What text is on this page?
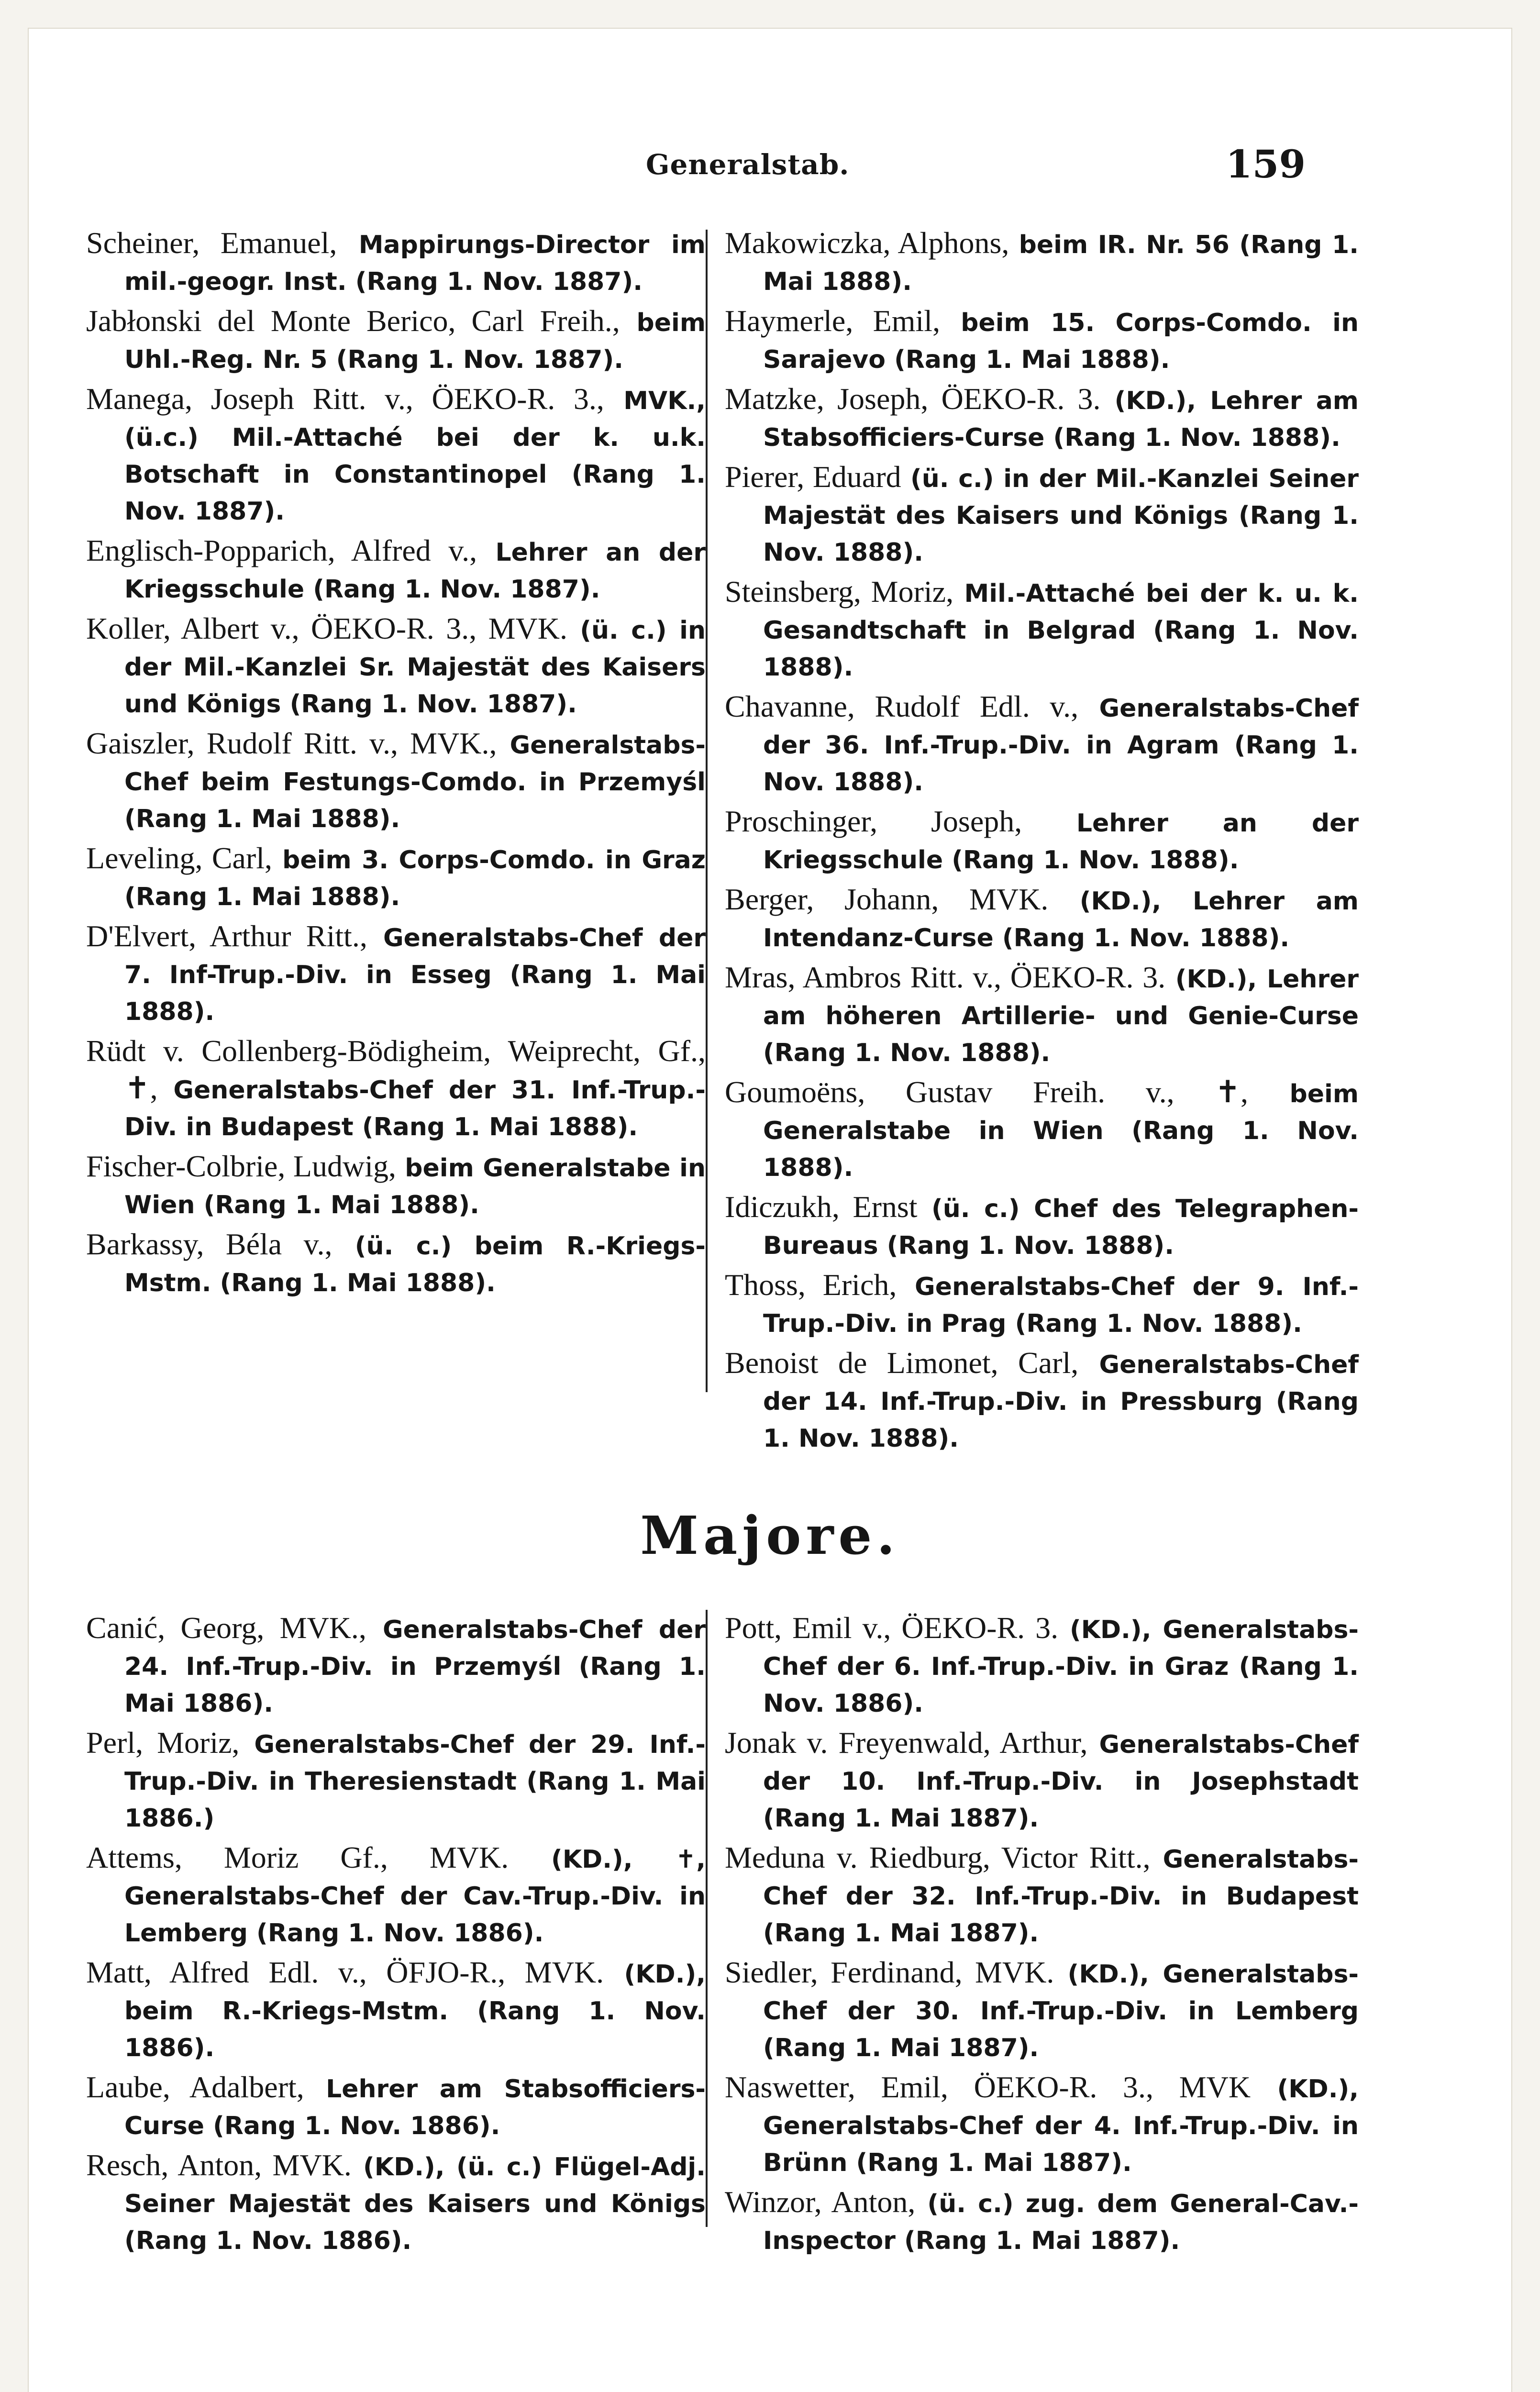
Generalstab.	159

Scheiner, Emanuel, Mappirungs-Director im mil.-geogr. Inst. (Rang 1. Nov. 1887).

Jabłonski del Monte Berico, Carl Freih., beim Uhl.-Reg. Nr. 5 (Rang 1. Nov. 1887).

Manega, Joseph Ritt. v., ÖEKO-R. 3., MVK., (ü.c.) Mil.-Attaché bei der k. u.k. Botschaft in Constantinopel (Rang 1. Nov. 1887).

Englisch-Popparich, Alfred v., Lehrer an der Kriegsschule (Rang 1. Nov. 1887).

Koller, Albert v., ÖEKO-R. 3., MVK. (ü. c.) in der Mil.-Kanzlei Sr. Majestät des Kaisers und Königs (Rang 1. Nov. 1887).

Gaiszler, Rudolf Ritt. v., MVK., Generalstabs-Chef beim Festungs-Comdo. in Przemyśl (Rang 1. Mai 1888).

Leveling, Carl, beim 3. Corps-Comdo. in Graz (Rang 1. Mai 1888).

D'Elvert, Arthur Ritt., Generalstabs-Chef der 7. Inf-Trup.-Div. in Esseg (Rang 1. Mai 1888).

Rüdt v. Collenberg-Bödigheim, Weiprecht, Gf., ✝, Generalstabs-Chef der 31. Inf.-Trup.-Div. in Budapest (Rang 1. Mai 1888).

Fischer-Colbrie, Ludwig, beim Generalstabe in Wien (Rang 1. Mai 1888).

Barkassy, Béla v., (ü. c.) beim R.-Kriegs-Mstm. (Rang 1. Mai 1888).

Makowiczka, Alphons, beim IR. Nr. 56 (Rang 1. Mai 1888).

Haymerle, Emil, beim 15. Corps-Comdo. in Sarajevo (Rang 1. Mai 1888).

Matzke, Joseph, ÖEKO-R. 3. (KD.), Lehrer am Stabsofficiers-Curse (Rang 1. Nov. 1888).

Pierer, Eduard (ü. c.) in der Mil.-Kanzlei Seiner Majestät des Kaisers und Königs (Rang 1. Nov. 1888).

Steinsberg, Moriz, Mil.-Attaché bei der k. u. k. Gesandtschaft in Belgrad (Rang 1. Nov. 1888).

Chavanne, Rudolf Edl. v., Generalstabs-Chef der 36. Inf.-Trup.-Div. in Agram (Rang 1. Nov. 1888).

Proschinger, Joseph, Lehrer an der Kriegsschule (Rang 1. Nov. 1888).

Berger, Johann, MVK. (KD.), Lehrer am Intendanz-Curse (Rang 1. Nov. 1888).

Mras, Ambros Ritt. v., ÖEKO-R. 3. (KD.), Lehrer am höheren Artillerie- und Genie-Curse (Rang 1. Nov. 1888).

Goumoëns, Gustav Freih. v., ✝, beim Generalstabe in Wien (Rang 1. Nov. 1888).

Idiczukh, Ernst (ü. c.) Chef des Telegraphen-Bureaus (Rang 1. Nov. 1888).

Thoss, Erich, Generalstabs-Chef der 9. Inf.-Trup.-Div. in Prag (Rang 1. Nov. 1888).

Benoist de Limonet, Carl, Generalstabs-Chef der 14. Inf.-Trup.-Div. in Pressburg (Rang 1. Nov. 1888).

Majore.

Canić, Georg, MVK., Generalstabs-Chef der 24. Inf.-Trup.-Div. in Przemyśl (Rang 1. Mai 1886).

Perl, Moriz, Generalstabs-Chef der 29. Inf.-Trup.-Div. in Theresienstadt (Rang 1. Mai 1886.)

Attems, Moriz Gf., MVK. (KD.), ✝, Generalstabs-Chef der Cav.-Trup.-Div. in Lemberg (Rang 1. Nov. 1886).

Matt, Alfred Edl. v., ÖFJO-R., MVK. (KD.), beim R.-Kriegs-Mstm. (Rang 1. Nov. 1886).

Laube, Adalbert, Lehrer am Stabsofficiers-Curse (Rang 1. Nov. 1886).

Resch, Anton, MVK. (KD.), (ü. c.) Flügel-Adj. Seiner Majestät des Kaisers und Königs (Rang 1. Nov. 1886).

Pott, Emil v., ÖEKO-R. 3. (KD.), Generalstabs-Chef der 6. Inf.-Trup.-Div. in Graz (Rang 1. Nov. 1886).

Jonak v. Freyenwald, Arthur, Generalstabs-Chef der 10. Inf.-Trup.-Div. in Josephstadt (Rang 1. Mai 1887).

Meduna v. Riedburg, Victor Ritt., Generalstabs-Chef der 32. Inf.-Trup.-Div. in Budapest (Rang 1. Mai 1887).

Siedler, Ferdinand, MVK. (KD.), Generalstabs-Chef der 30. Inf.-Trup.-Div. in Lemberg (Rang 1. Mai 1887).

Naswetter, Emil, ÖEKO-R. 3., MVK (KD.), Generalstabs-Chef der 4. Inf.-Trup.-Div. in Brünn (Rang 1. Mai 1887).

Winzor, Anton, (ü. c.) zug. dem General-Cav.-Inspector (Rang 1. Mai 1887).
